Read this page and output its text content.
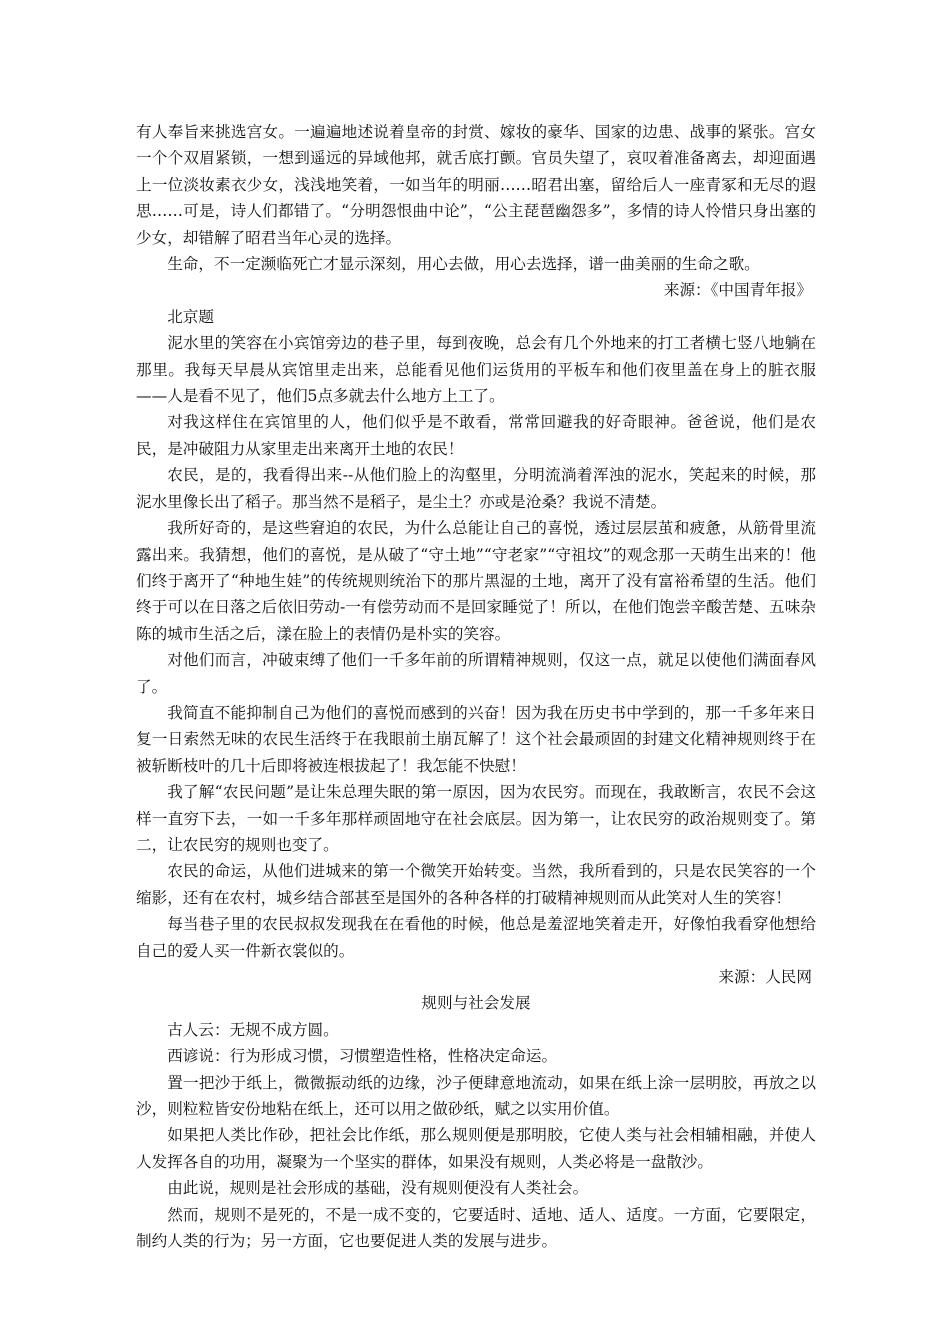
有人奉旨来挑选宫女。一遍遍地述说着皇帝的封赏、嫁妆的豪华、国家的边患、战事的紧张。宫女一个个双眉紧锁，一想到遥远的异域他邦，就舌底打颤。官员失望了，哀叹着准备离去，却迎面遇上一位淡妆素衣少女，浅浅地笑着，一如当年的明丽……昭君出塞，留给后人一座青冢和无尽的遐思……可是，诗人们都错了。“分明怨恨曲中论”，“公主琵琶幽怨多”，多情的诗人怜惜只身出塞的少女，却错解了昭君当年心灵的选择。

生命，不一定濒临死亡才显示深刻，用心去做，用心去选择，谱一曲美丽的生命之歌。

来源：《中国青年报》

北京题

泥水里的笑容在小宾馆旁边的巷子里，每到夜晚，总会有几个外地来的打工者横七竖八地躺在那里。我每天早晨从宾馆里走出来，总能看见他们运货用的平板车和他们夜里盖在身上的脏衣服——人是看不见了，他们5点多就去什么地方上工了。

对我这样住在宾馆里的人，他们似乎是不敢看，常常回避我的好奇眼神。爸爸说，他们是农民，是冲破阻力从家里走出来离开土地的农民！

农民，是的，我看得出来--从他们脸上的沟壑里，分明流淌着浑浊的泥水，笑起来的时候，那泥水里像长出了稻子。那当然不是稻子，是尘土？亦或是沧桑？我说不清楚。

我所好奇的，是这些窘迫的农民，为什么总能让自己的喜悦，透过层层茧和疲惫，从筋骨里流露出来。我猜想，他们的喜悦，是从破了“守土地”“守老家”“守祖坟”的观念那一天萌生出来的！他们终于离开了“种地生娃”的传统规则统治下的那片黑湿的土地，离开了没有富裕希望的生活。他们终于可以在日落之后依旧劳动-一有偿劳动而不是回家睡觉了！所以，在他们饱尝辛酸苦楚、五味杂陈的城市生活之后，漾在脸上的表情仍是朴实的笑容。

对他们而言，冲破束缚了他们一千多年前的所谓精神规则，仅这一点，就足以使他们满面春风了。

我简直不能抑制自己为他们的喜悦而感到的兴奋！因为我在历史书中学到的，那一千多年来日复一日索然无味的农民生活终于在我眼前土崩瓦解了！这个社会最顽固的封建文化精神规则终于在被斩断枝叶的几十后即将被连根拔起了！我怎能不快慰！

我了解“农民问题”是让朱总理失眠的第一原因，因为农民穷。而现在，我敢断言，农民不会这样一直穷下去，一如一千多年那样顽固地守在社会底层。因为第一，让农民穷的政治规则变了。第二，让农民穷的规则也变了。

农民的命运，从他们进城来的第一个微笑开始转变。当然，我所看到的，只是农民笑容的一个缩影，还有在农村，城乡结合部甚至是国外的各种各样的打破精神规则而从此笑对人生的笑容！

每当巷子里的农民叔叔发现我在在看他的时候，他总是羞涩地笑着走开，好像怕我看穿他想给自己的爱人买一件新衣裳似的。

来源：人民网

规则与社会发展

古人云：无规不成方圆。

西谚说：行为形成习惯，习惯塑造性格，性格决定命运。

置一把沙于纸上，微微振动纸的边缘，沙子便肆意地流动，如果在纸上涂一层明胶，再放之以沙，则粒粒皆安份地粘在纸上，还可以用之做砂纸，赋之以实用价值。

如果把人类比作砂，把社会比作纸，那么规则便是那明胶，它使人类与社会相辅相融，并使人人发挥各自的功用，凝聚为一个坚实的群体，如果没有规则，人类必将是一盘散沙。

由此说，规则是社会形成的基础，没有规则便没有人类社会。

然而，规则不是死的，不是一成不变的，它要适时、适地、适人、适度。一方面，它要限定，制约人类的行为；另一方面，它也要促进人类的发展与进步。
